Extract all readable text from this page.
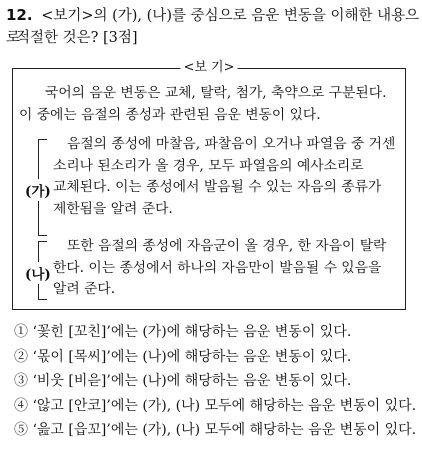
12. <보기>의 (가), (나)를 중심으로 음운 변동을 이해한 내용으로
적절한 것은? [3점]
<보 기>
국어의 음운 변동은 교체, 탈락, 첨가, 축약으로 구분된다.
이 중에는 음절의 종성과 관련된 음운 변동이 있다.
(가)
음절의 종성에 마찰음, 파찰음이 오거나 파열음 중 거센
소리나 된소리가 올 경우, 모두 파열음의 예사소리로
교체된다. 이는 종성에서 발음될 수 있는 자음의 종류가
제한됨을 알려 준다.
(나)
또한 음절의 종성에 자음군이 올 경우, 한 자음이 탈락
한다. 이는 종성에서 하나의 자음만이 발음될 수 있음을
알려 준다.
① ‘꽃힌 [꼬친]’에는 (가)에 해당하는 음운 변동이 있다.
② ‘몫이 [목씨]’에는 (나)에 해당하는 음운 변동이 있다.
③ ‘비웃 [비읃]’에는 (나)에 해당하는 음운 변동이 있다.
④ ‘않고 [안코]’에는 (가), (나) 모두에 해당하는 음운 변동이 있다.
⑤ ‘읊고 [읍꼬]’에는 (가), (나) 모두에 해당하는 음운 변동이 있다.
